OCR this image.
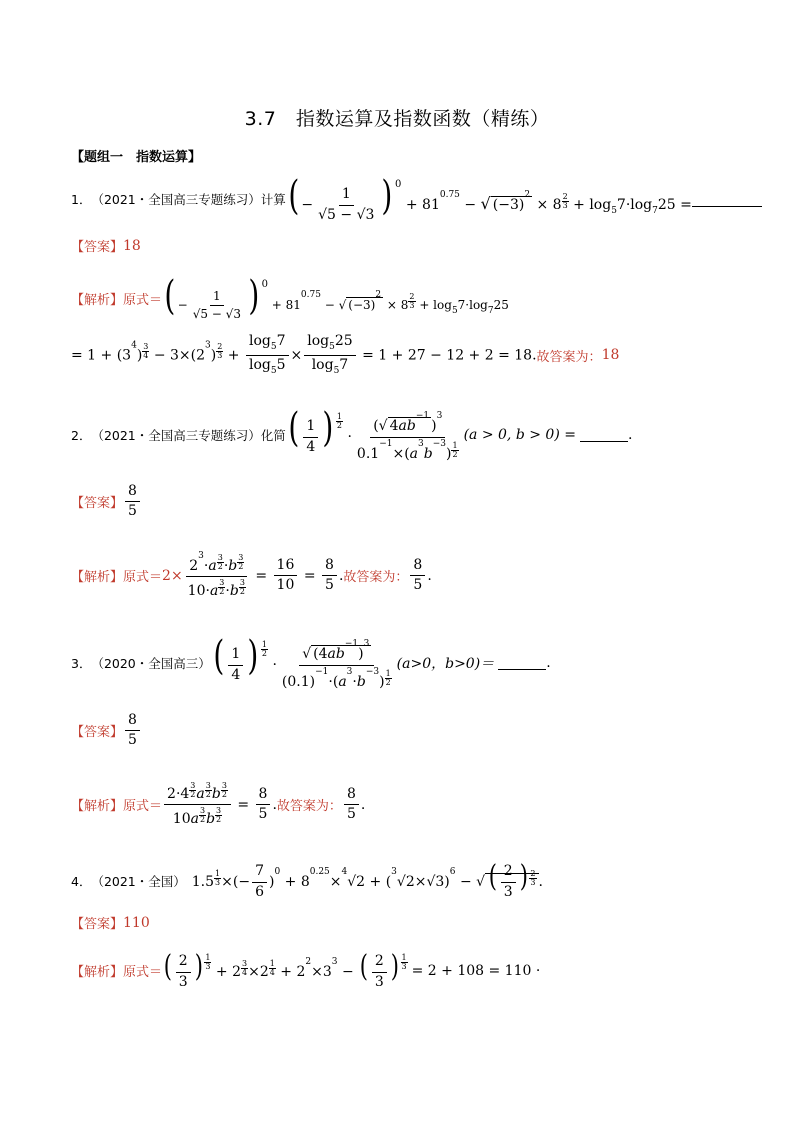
3.7　指数运算及指数函数（精练）
【题组一　指数运算】
1． （2021・全国高三专题练习） 计算 ( − $\frac{1}{√5 - √3}$ ) $^0 + 81^{0.75}$ − √ $(-3)^2 \times 8 \frac{2}{3} + \log_57\cdot\log_725$ =
【答案】 18
【解析】 原式＝ ( − $\frac{1}{√5 - √3}$ ) $^0 + 81^{0.75}$ − √ $(-3)^2 \times 8 \frac{2}{3} + \log_57\cdot\log_725$
= $1 + (3^4) \frac{3}{4} - 3\times(2^3) \frac{2}{3} + \frac{\log_57}{\log_55} \times \frac{\log_525}{\log_57} = 1 + 27 - 12 + 2 = 18$. 故答案为： 18
2． （2021・全国高三专题练习） 化简 ( $\frac{1}{4}$ ) $\frac{1}{2}$
· $\frac{(√ 4ab^{-1})^3}{0.1^{-1}\times(a^3b^{-3}) \frac{1}{2}} (a > 0$, b > 0) =	.
【答案】 $\frac{8}{5}$
【解析】 原式＝ $2\times \frac{2^3\cdot a \frac{3}{2} \cdot b \frac{3}{2}}{10\cdot a \frac{3}{2} \cdot b \frac{3}{2}} = \frac{16}{10} = \frac{8}{5}$ . 故答案为： $\frac{8}{5}$ .
3． （2020・全国高三） ( $\frac{1}{4}$ ) $\frac{1}{2}$
· $\frac{√ (4ab^{-1})^3}{(0.1)^{-1}\cdot(a^3\cdot b^{-3}) \frac{1}{2}} (a>0$，b>0)＝	.
【答案】 $\frac{8}{5}$
【解析】 原式＝ $\frac{2\cdot 4 \frac{3}{2} a \frac{3}{2} b \frac{3}{2}}{10a \frac{3}{2} b \frac{3}{2}} = \frac{8}{5}$ . 故答案为： $\frac{8}{5}$ .
4． （2021・全国） $1.5 \frac{1}{3}$ ×(− $\frac{7}{6} )^0 + 8^{0.25}\times^4√2 + (^3√2\times√3)^6$ − √ ( $\frac{2}{3}$ ) $\frac{2}{3}$ .
【答案】 110
【解析】 原式＝ ( $\frac{2}{3}$ ) $\frac{1}{3}$
+ $2 \frac{3}{4} \times 2 \frac{1}{4} + 2^2\times 3^3$ − ( $\frac{2}{3}$ ) $\frac{1}{3} = 2 + 108 = 110$ ·
